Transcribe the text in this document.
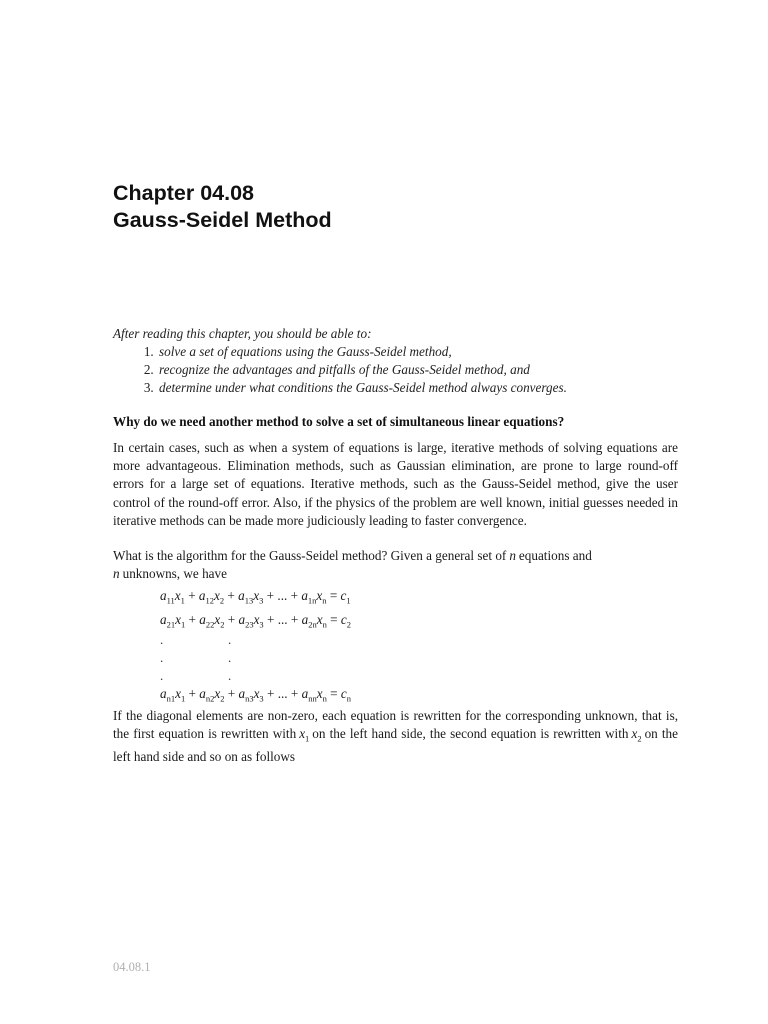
Chapter 04.08
Gauss-Seidel Method
After reading this chapter, you should be able to:
1. solve a set of equations using the Gauss-Seidel method,
2. recognize the advantages and pitfalls of the Gauss-Seidel method, and
3. determine under what conditions the Gauss-Seidel method always converges.
Why do we need another method to solve a set of simultaneous linear equations?

In certain cases, such as when a system of equations is large, iterative methods of solving equations are more advantageous. Elimination methods, such as Gaussian elimination, are prone to large round-off errors for a large set of equations. Iterative methods, such as the Gauss-Seidel method, give the user control of the round-off error. Also, if the physics of the problem are well known, initial guesses needed in iterative methods can be made more judiciously leading to faster convergence.

What is the algorithm for the Gauss-Seidel method? Given a general set of n equations and
n unknowns, we have

$a_{11}x_1 + a_{12}x_2 + a_{13}x_3$ + ... + $a_{1n}x_n = c_1$
$a_{21}x_1 + a_{22}x_2 + a_{23}x_3$ + ... + $a_{2n}x_n = c_2$
.	.
.	.
.	.
$a_{n1}x_1 + a_{n2}x_2 + a_{n3}x_3$ + ... + $a_{nn}x_n = c_n$

If the diagonal elements are non-zero, each equation is rewritten for the corresponding unknown, that is, the first equation is rewritten with $x_1$ on the left hand side, the second equation is rewritten with $x_2$ on the left hand side and so on as follows

04.08.1
